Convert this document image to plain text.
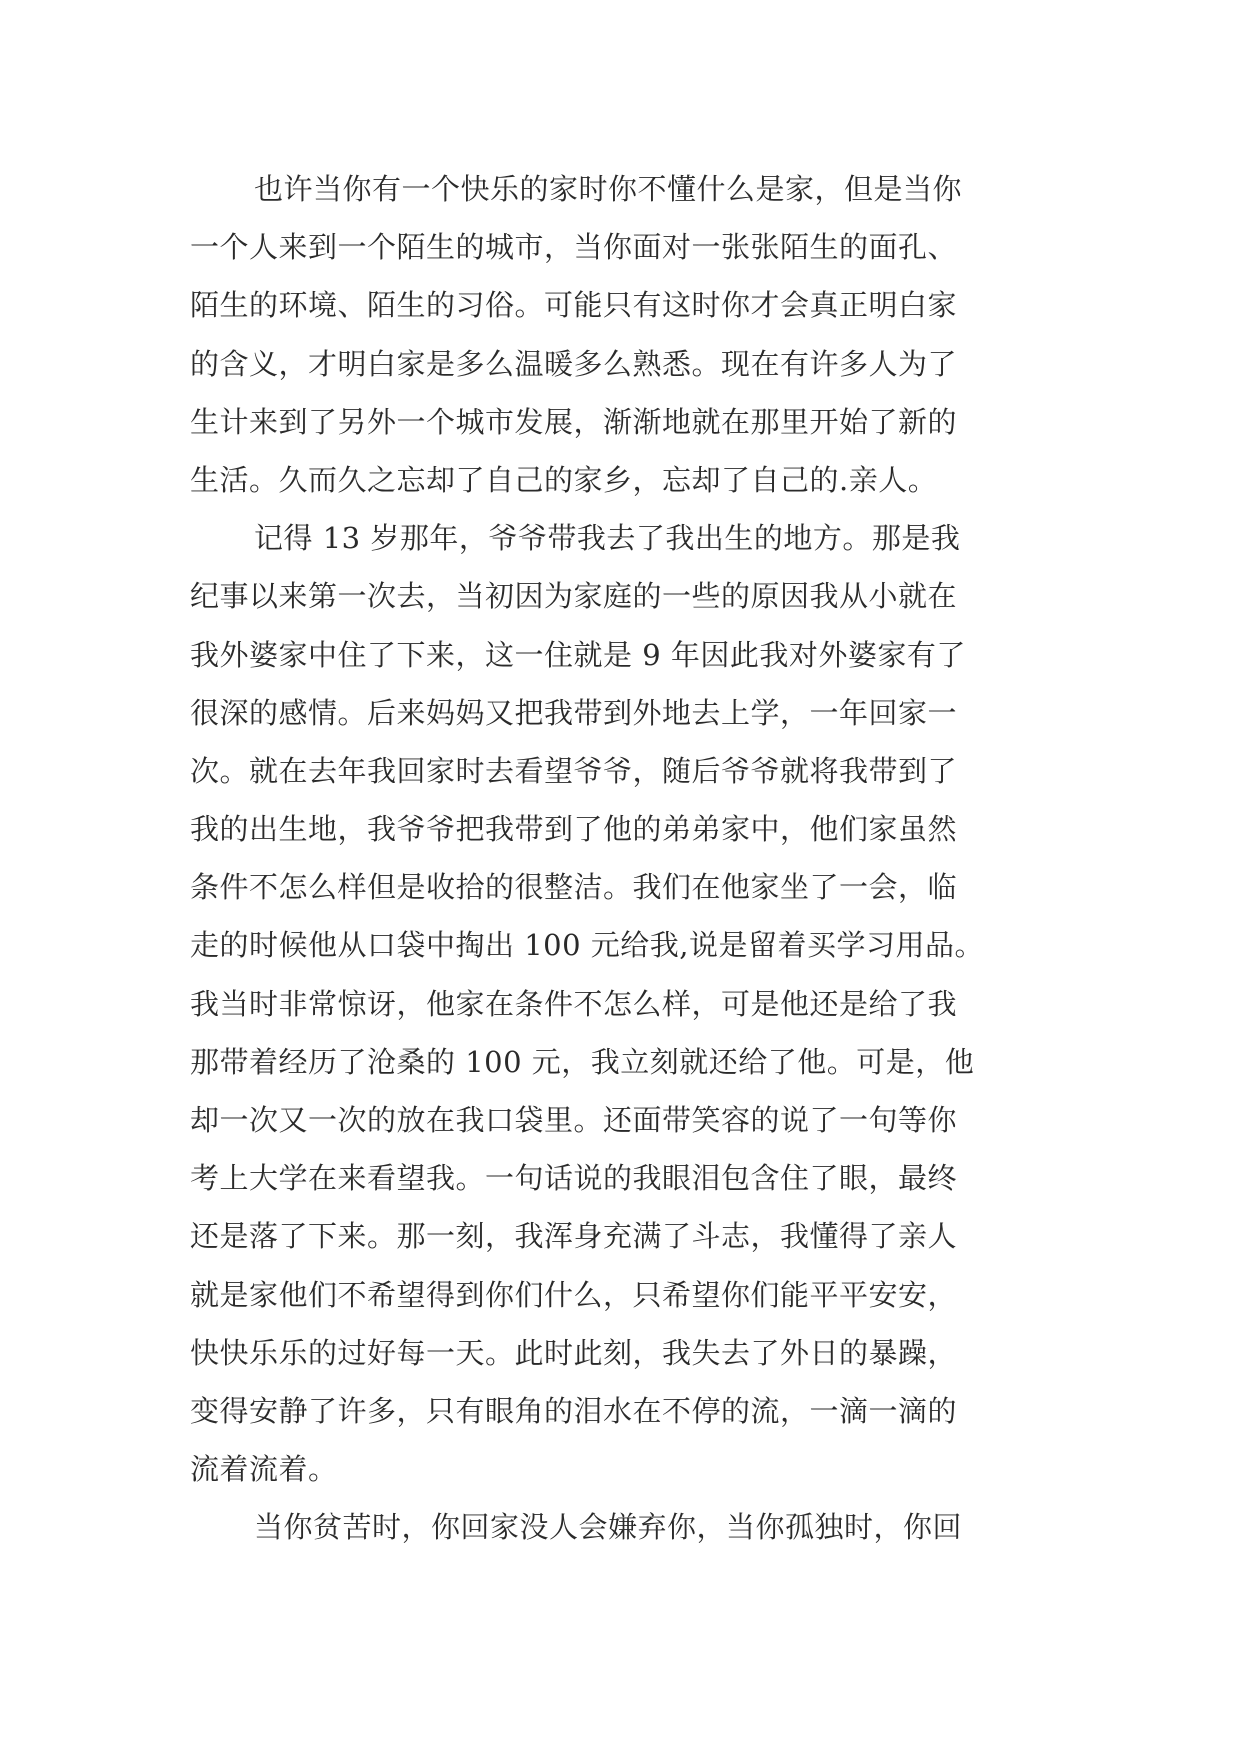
也许当你有一个快乐的家时你不懂什么是家，但是当你
一个人来到一个陌生的城市，当你面对一张张陌生的面孔、
陌生的环境、陌生的习俗。可能只有这时你才会真正明白家
的含义，才明白家是多么温暖多么熟悉。现在有许多人为了
生计来到了另外一个城市发展，渐渐地就在那里开始了新的
生活。久而久之忘却了自己的家乡，忘却了自己的.亲人。
记得 13 岁那年，爷爷带我去了我出生的地方。那是我
纪事以来第一次去，当初因为家庭的一些的原因我从小就在
我外婆家中住了下来，这一住就是 9 年因此我对外婆家有了
很深的感情。后来妈妈又把我带到外地去上学，一年回家一
次。就在去年我回家时去看望爷爷，随后爷爷就将我带到了
我的出生地，我爷爷把我带到了他的弟弟家中，他们家虽然
条件不怎么样但是收拾的很整洁。我们在他家坐了一会，临
走的时候他从口袋中掏出 100 元给我,说是留着买学习用品。
我当时非常惊讶，他家在条件不怎么样，可是他还是给了我
那带着经历了沧桑的 100 元，我立刻就还给了他。可是，他
却一次又一次的放在我口袋里。还面带笑容的说了一句等你
考上大学在来看望我。一句话说的我眼泪包含住了眼，最终
还是落了下来。那一刻，我浑身充满了斗志，我懂得了亲人
就是家他们不希望得到你们什么，只希望你们能平平安安，
快快乐乐的过好每一天。此时此刻，我失去了外日的暴躁，
变得安静了许多，只有眼角的泪水在不停的流，一滴一滴的
流着流着。
当你贫苦时，你回家没人会嫌弃你，当你孤独时，你回
